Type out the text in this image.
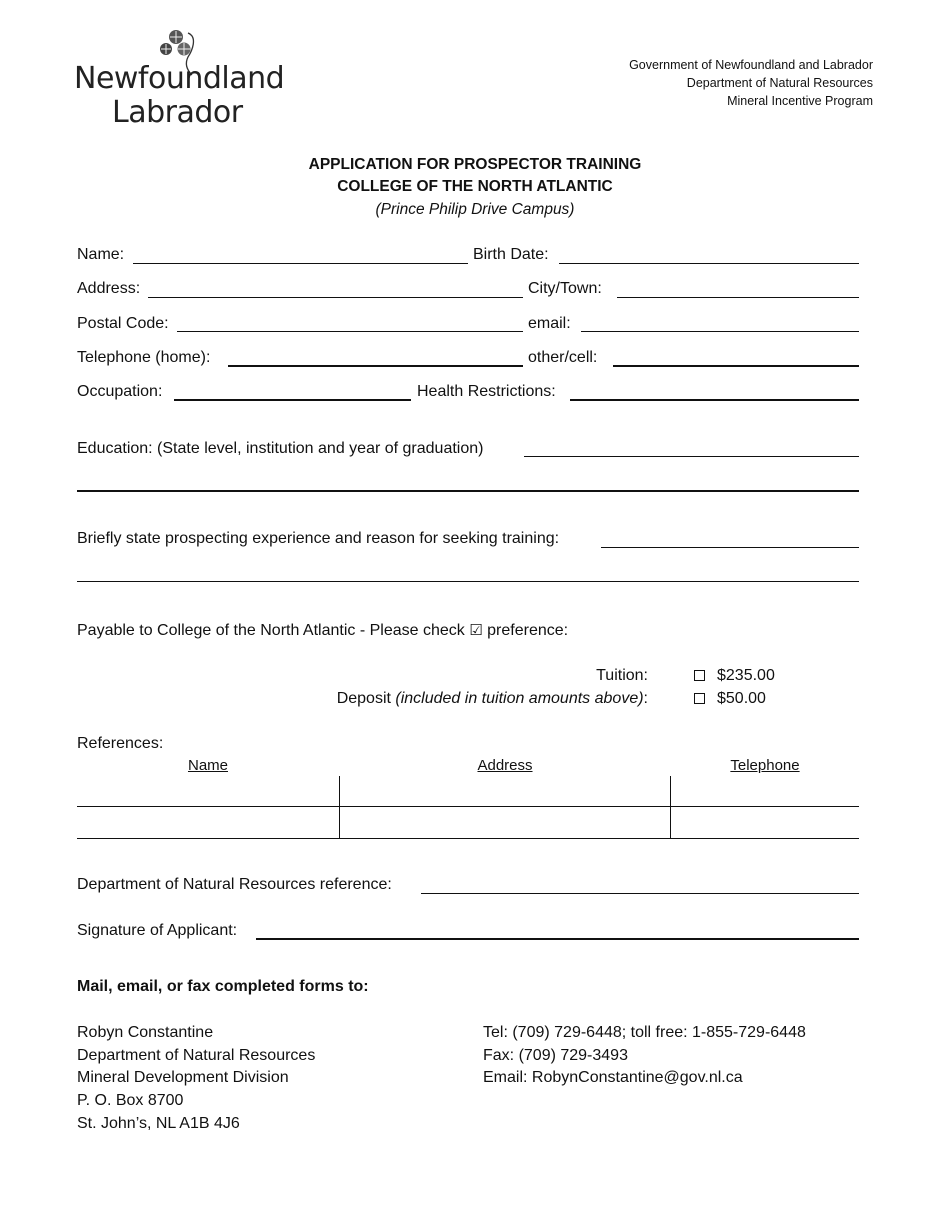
Newfoundland
Labrador
Government of Newfoundland and Labrador
Department of Natural Resources
Mineral Incentive Program
APPLICATION FOR PROSPECTOR TRAINING
COLLEGE OF THE NORTH ATLANTIC
(Prince Philip Drive Campus)
Name:	Birth Date:
Address:	City/Town:
Postal Code:	email:
Telephone (home):	other/cell:
Occupation:	Health Restrictions:
Education: (State level, institution and year of graduation)
Briefly state prospecting experience and reason for seeking training:
Payable to College of the North Atlantic - Please check ☑ preference:
Tuition:	$235.00
Deposit (included in tuition amounts above):	$50.00
References:
Name	Address	Telephone
Department of Natural Resources reference:
Signature of Applicant:
Mail, email, or fax completed forms to:
Robyn Constantine
Department of Natural Resources
Mineral Development Division
P. O. Box 8700
St. John’s, NL A1B 4J6
Tel: (709) 729-6448; toll free: 1-855-729-6448
Fax: (709) 729-3493
Email: RobynConstantine@gov.nl.ca
